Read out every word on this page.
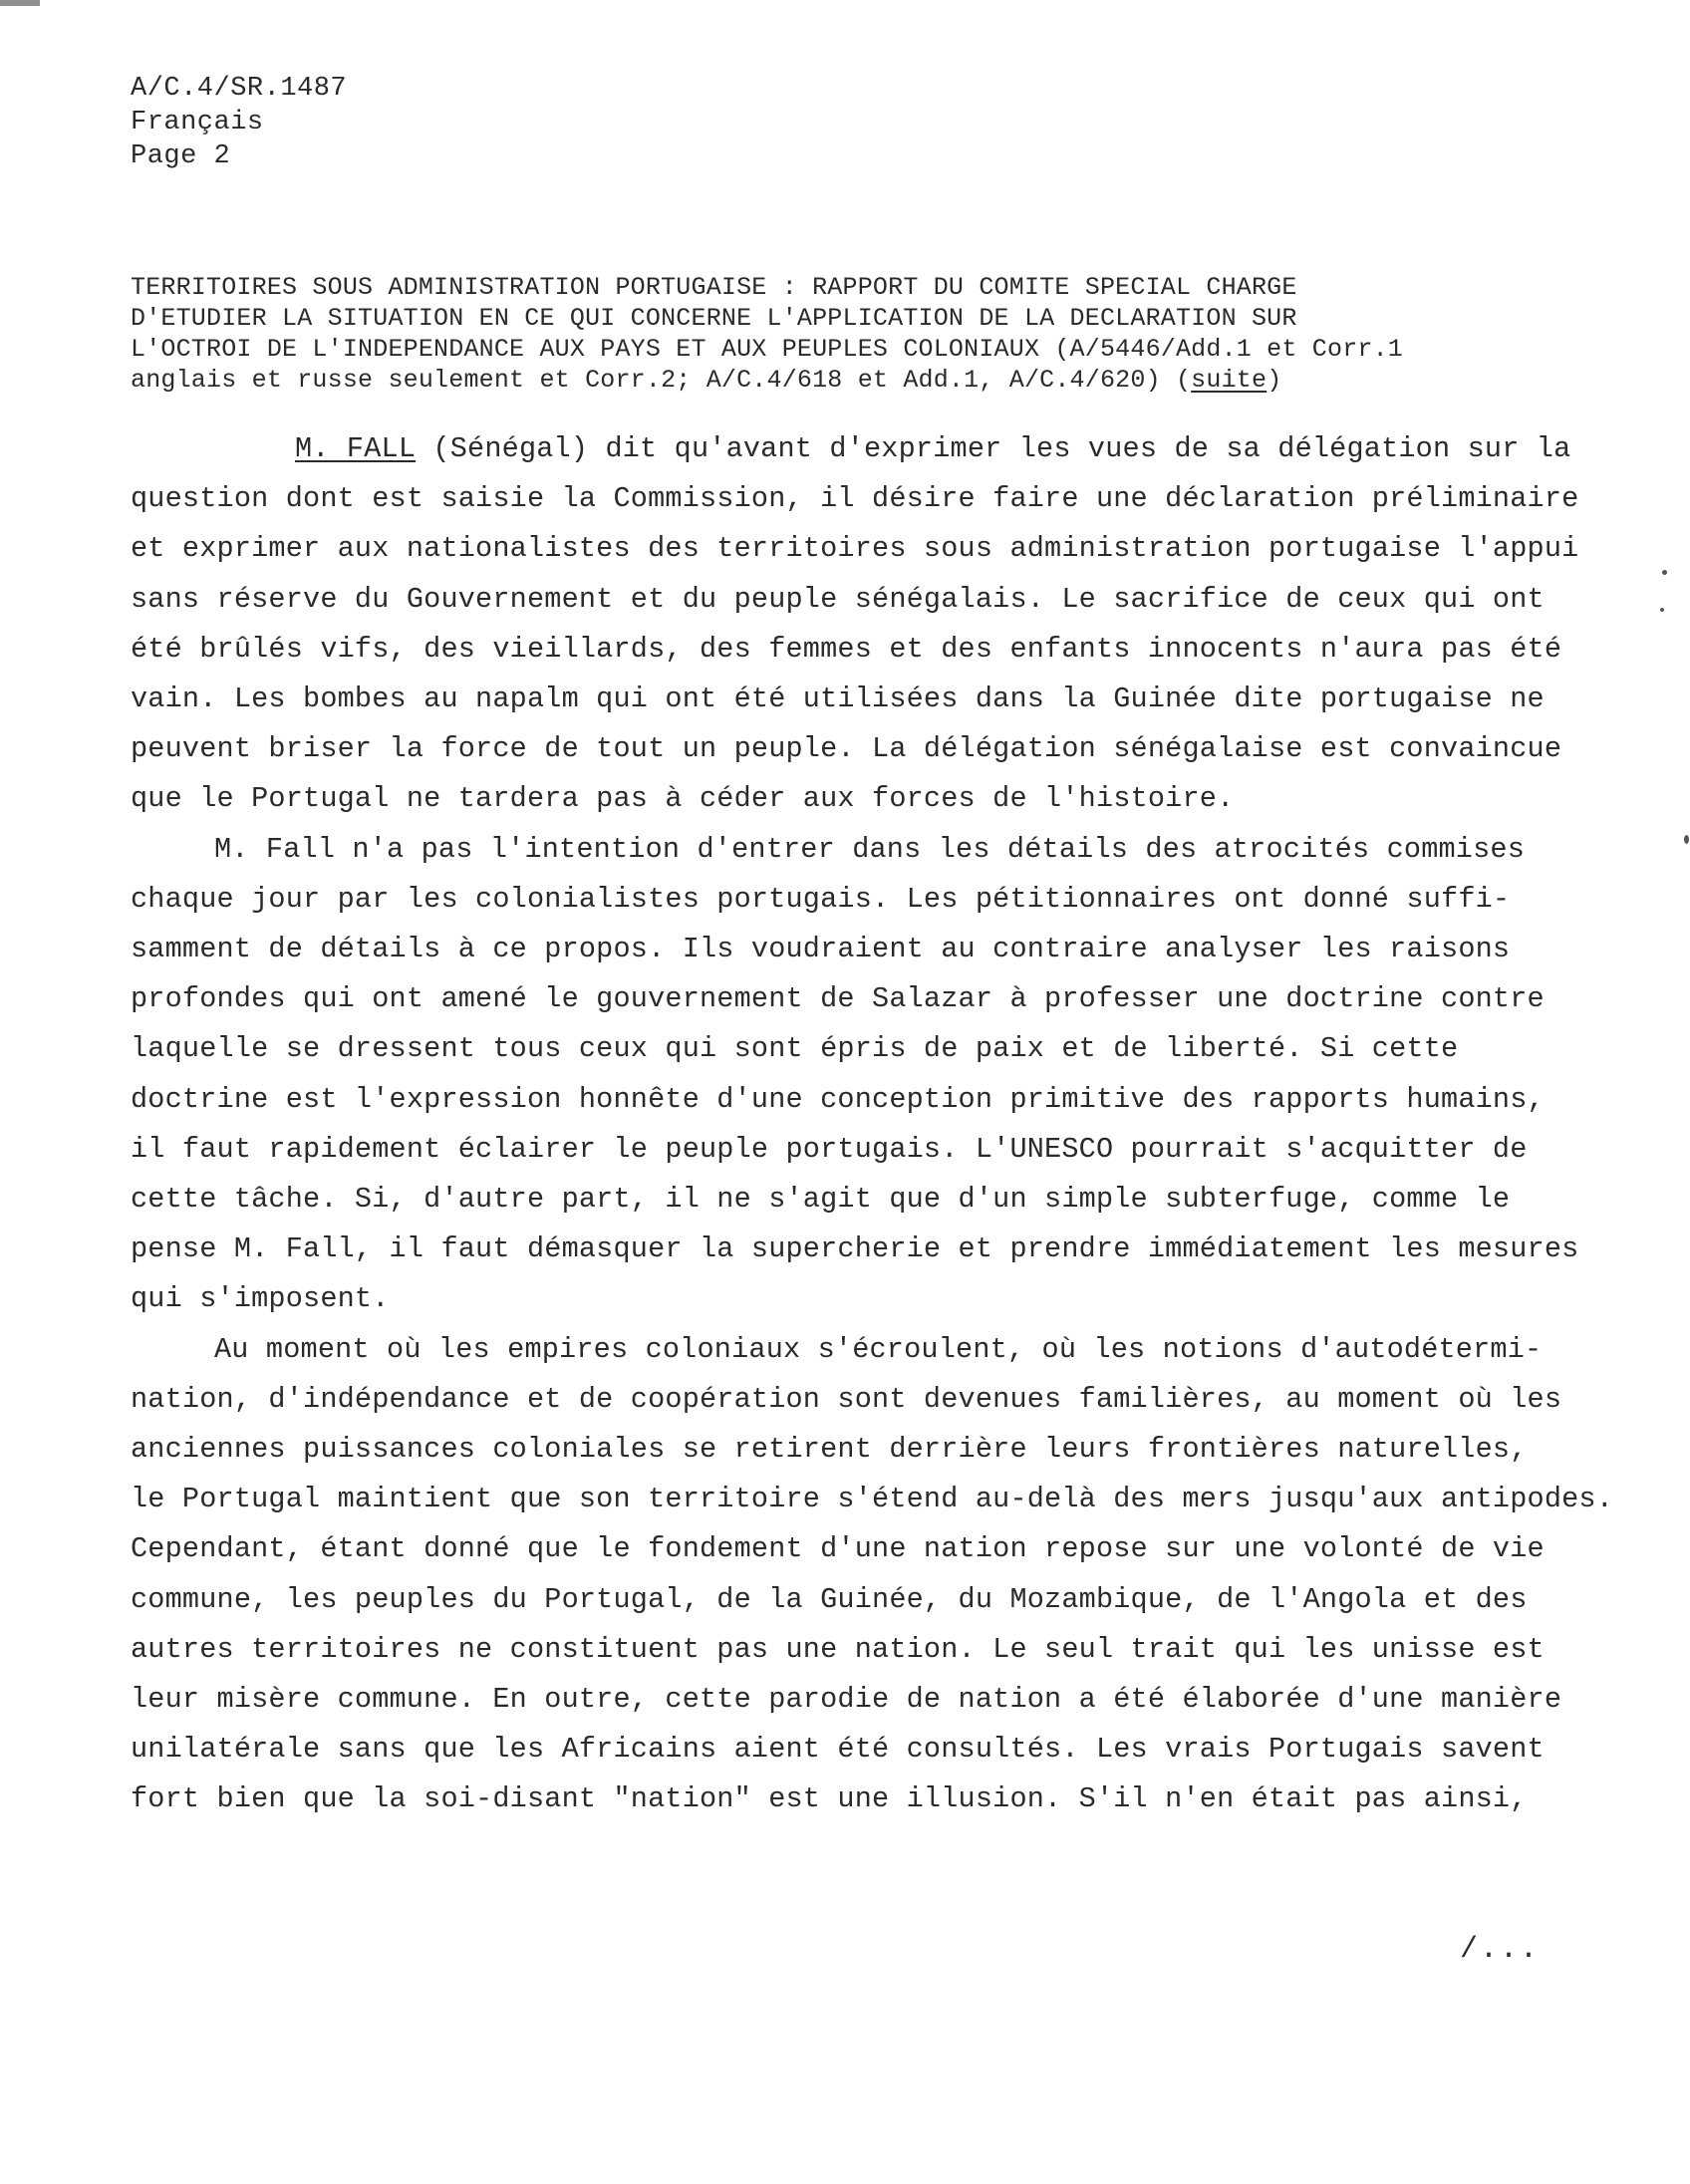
A/C.4/SR.1487
Français
Page 2
TERRITOIRES SOUS ADMINISTRATION PORTUGAISE : RAPPORT DU COMITE SPECIAL CHARGE
D'ETUDIER LA SITUATION EN CE QUI CONCERNE L'APPLICATION DE LA DECLARATION SUR
L'OCTROI DE L'INDEPENDANCE AUX PAYS ET AUX PEUPLES COLONIAUX (A/5446/Add.1 et Corr.1
anglais et russe seulement et Corr.2; A/C.4/618 et Add.1, A/C.4/620) (suite)
M. FALL (Sénégal) dit qu'avant d'exprimer les vues de sa délégation sur la
question dont est saisie la Commission, il désire faire une déclaration préliminaire
et exprimer aux nationalistes des territoires sous administration portugaise l'appui
sans réserve du Gouvernement et du peuple sénégalais. Le sacrifice de ceux qui ont
été brûlés vifs, des vieillards, des femmes et des enfants innocents n'aura pas été
vain. Les bombes au napalm qui ont été utilisées dans la Guinée dite portugaise ne
peuvent briser la force de tout un peuple. La délégation sénégalaise est convaincue
que le Portugal ne tardera pas à céder aux forces de l'histoire.
M. Fall n'a pas l'intention d'entrer dans les détails des atrocités commises
chaque jour par les colonialistes portugais. Les pétitionnaires ont donné suffi-
samment de détails à ce propos. Ils voudraient au contraire analyser les raisons
profondes qui ont amené le gouvernement de Salazar à professer une doctrine contre
laquelle se dressent tous ceux qui sont épris de paix et de liberté. Si cette
doctrine est l'expression honnête d'une conception primitive des rapports humains,
il faut rapidement éclairer le peuple portugais. L'UNESCO pourrait s'acquitter de
cette tâche. Si, d'autre part, il ne s'agit que d'un simple subterfuge, comme le
pense M. Fall, il faut démasquer la supercherie et prendre immédiatement les mesures
qui s'imposent.
Au moment où les empires coloniaux s'écroulent, où les notions d'autodétermi-
nation, d'indépendance et de coopération sont devenues familières, au moment où les
anciennes puissances coloniales se retirent derrière leurs frontières naturelles,
le Portugal maintient que son territoire s'étend au-delà des mers jusqu'aux antipodes.
Cependant, étant donné que le fondement d'une nation repose sur une volonté de vie
commune, les peuples du Portugal, de la Guinée, du Mozambique, de l'Angola et des
autres territoires ne constituent pas une nation. Le seul trait qui les unisse est
leur misère commune. En outre, cette parodie de nation a été élaborée d'une manière
unilatérale sans que les Africains aient été consultés. Les vrais Portugais savent
fort bien que la soi-disant "nation" est une illusion. S'il n'en était pas ainsi,
/...
